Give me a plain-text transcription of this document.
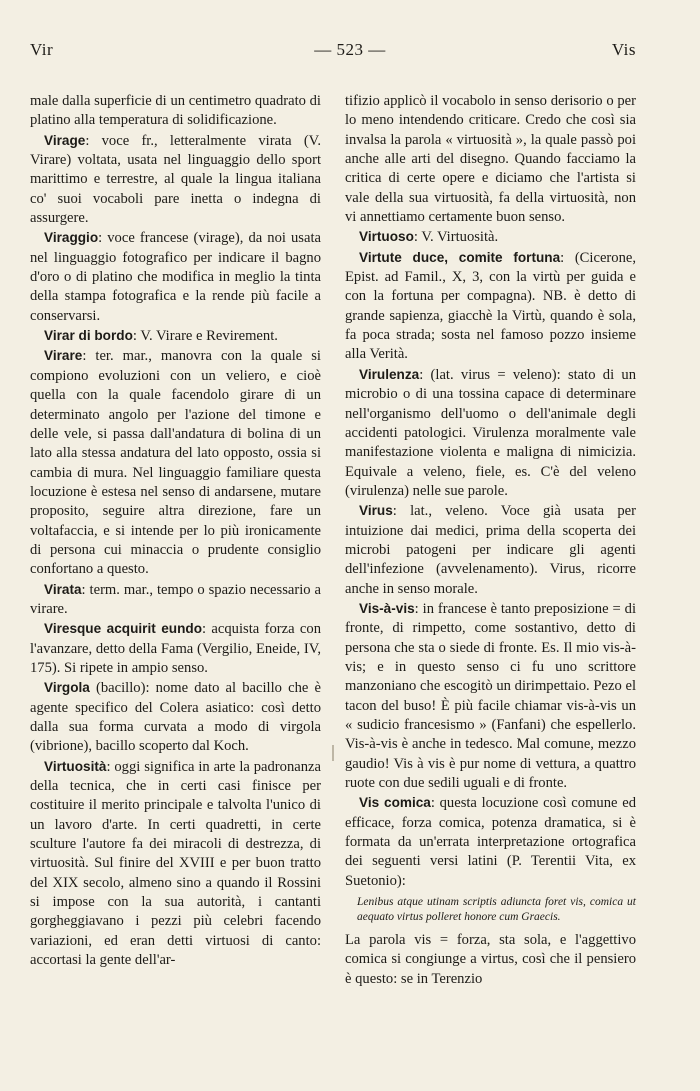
Vir	— 523 —	Vis

male dalla superficie di un centimetro quadrato di platino alla temperatura di solidificazione.

Virage: voce fr., letteralmente virata (V. Virare) voltata, usata nel linguaggio dello sport marittimo e terrestre, al quale la lingua italiana co' suoi vocaboli pare inetta o indegna di assurgere.

Viraggio: voce francese (virage), da noi usata nel linguaggio fotografico per indicare il bagno d'oro o di platino che modifica in meglio la tinta della stampa fotografica e la rende più facile a conservarsi.

Virar di bordo: V. Virare e Revirement.

Virare: ter. mar., manovra con la quale si compiono evoluzioni con un veliero, e cioè quella con la quale facendolo girare di un determinato angolo per l'azione del timone e delle vele, si passa dall'andatura di bolina di un lato alla stessa andatura del lato opposto, ossia si cambia di mura. Nel linguaggio familiare questa locuzione è estesa nel senso di andarsene, mutare proposito, seguire altra direzione, fare un voltafaccia, e si intende per lo più ironicamente di persona cui minaccia o prudente consiglio confortano a questo.

Virata: term. mar., tempo o spazio necessario a virare.

Viresque acquirit eundo: acquista forza con l'avanzare, detto della Fama (Vergilio, Eneide, IV, 175). Si ripete in ampio senso.

Virgola (bacillo): nome dato al bacillo che è agente specifico del Colera asiatico: così detto dalla sua forma curvata a modo di virgola (vibrione), bacillo scoperto dal Koch.

Virtuosità: oggi significa in arte la padronanza della tecnica, che in certi casi finisce per costituire il merito principale e talvolta l'unico di un lavoro d'arte. In certi quadretti, in certe sculture l'autore fa dei miracoli di destrezza, di virtuosità. Sul finire del XVIII e per buon tratto del XIX secolo, almeno sino a quando il Rossini si impose con la sua autorità, i cantanti gorgheggiavano i pezzi più celebri facendo variazioni, ed eran detti virtuosi di canto: accortasi la gente dell'ar-

tifizio applicò il vocabolo in senso derisorio o per lo meno intendendo criticare. Credo che così sia invalsa la parola « virtuosità », la quale passò poi anche alle arti del disegno. Quando facciamo la critica di certe opere e diciamo che l'artista si vale della sua virtuosità, fa della virtuosità, non vi annettiamo certamente buon senso.

Virtuoso: V. Virtuosità.

Virtute duce, comite fortuna: (Cicerone, Epist. ad Famil., X, 3, con la virtù per guida e con la fortuna per compagna). NB. è detto di grande sapienza, giacchè la Virtù, quando è sola, fa poca strada; sosta nel famoso pozzo insieme alla Verità.

Virulenza: (lat. virus = veleno): stato di un microbio o di una tossina capace di determinare nell'organismo dell'uomo o dell'animale degli accidenti patologici. Virulenza moralmente vale manifestazione violenta e maligna di nimicizia. Equivale a veleno, fiele, es. C'è del veleno (virulenza) nelle sue parole.

Virus: lat., veleno. Voce già usata per intuizione dai medici, prima della scoperta dei microbi patogeni per indicare gli agenti dell'infezione (avvelenamento). Virus, ricorre anche in senso morale.

Vis-à-vis: in francese è tanto preposizione = di fronte, di rimpetto, come sostantivo, detto di persona che sta o siede di fronte. Es. Il mio vis-à-vis; e in questo senso ci fu uno scrittore manzoniano che escogitò un dirimpettaio. Pezo el tacon del buso! È più facile chiamar vis-à-vis un « sudicio francesismo » (Fanfani) che espellerlo. Vis-à-vis è anche in tedesco. Mal comune, mezzo gaudio! Vis à vis è pur nome di vettura, a quattro ruote con due sedili uguali e di fronte.

Vis comica: questa locuzione così comune ed efficace, forza comica, potenza dramatica, si è formata da un'errata interpretazione ortografica dei seguenti versi latini (P. Terentii Vita, ex Suetonio):

Lenibus atque utinam scriptis adiuncta foret vis, comica ut aequato virtus polleret honore cum Graecis.

La parola vis = forza, sta sola, e l'aggettivo comica si congiunge a virtus, così che il pensiero è questo: se in Terenzio
